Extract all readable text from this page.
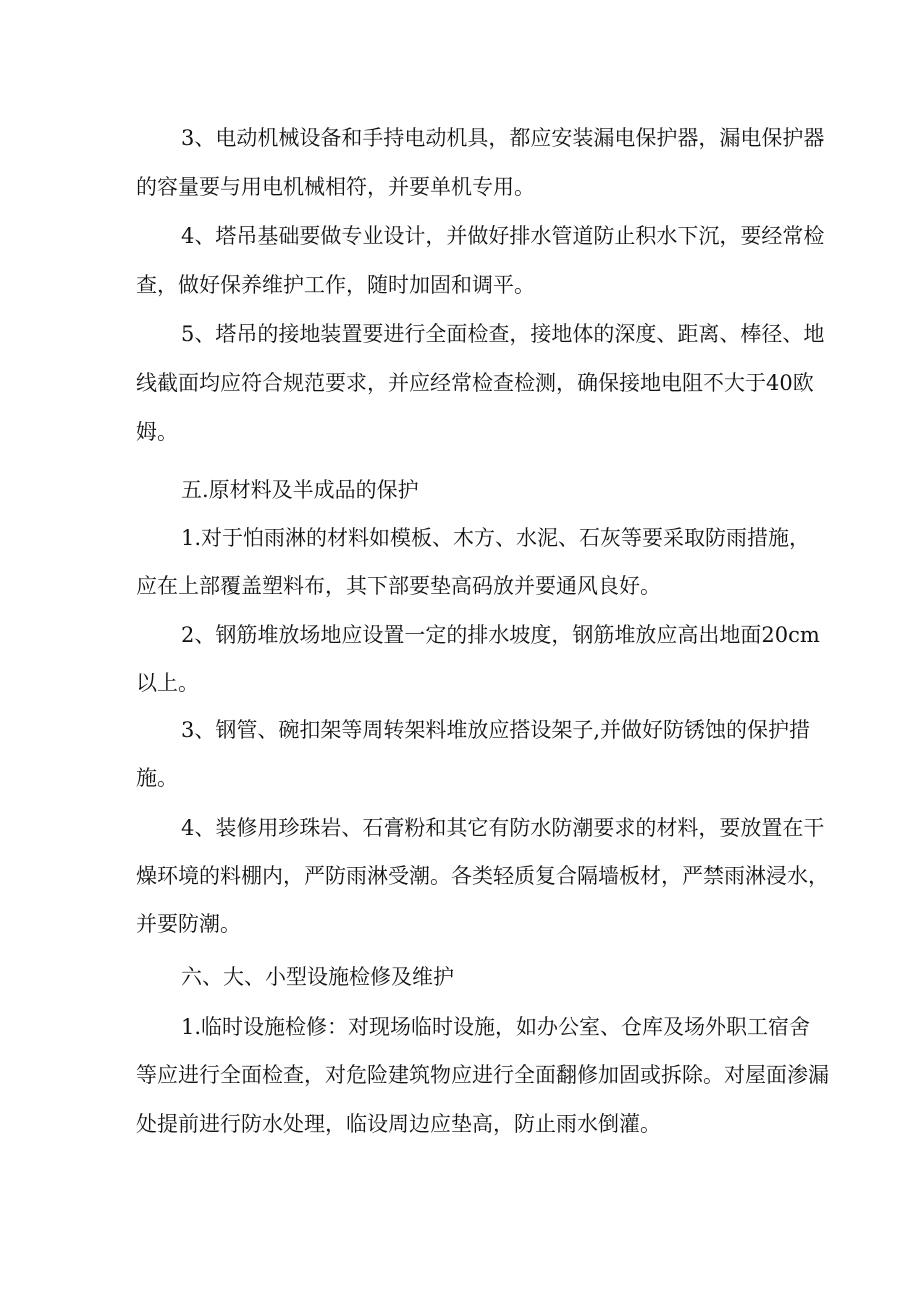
3、电动机械设备和手持电动机具，都应安装漏电保护器，漏电保护器
的容量要与用电机械相符，并要单机专用。
4、塔吊基础要做专业设计，并做好排水管道防止积水下沉，要经常检
查，做好保养维护工作，随时加固和调平。
5、塔吊的接地装置要进行全面检查，接地体的深度、距离、棒径、地
线截面均应符合规范要求，并应经常检查检测，确保接地电阻不大于40欧
姆。
五.原材料及半成品的保护
1.对于怕雨淋的材料如模板、木方、水泥、石灰等要采取防雨措施，
应在上部覆盖塑料布，其下部要垫高码放并要通风良好。
2、钢筋堆放场地应设置一定的排水坡度，钢筋堆放应高出地面20cm
以上。
3、钢管、碗扣架等周转架料堆放应搭设架子,并做好防锈蚀的保护措
施。
4、装修用珍珠岩、石膏粉和其它有防水防潮要求的材料，要放置在干
燥环境的料棚内，严防雨淋受潮。各类轻质复合隔墙板材，严禁雨淋浸水，
并要防潮。
六、大、小型设施检修及维护
1.临时设施检修：对现场临时设施，如办公室、仓库及场外职工宿舍
等应进行全面检查，对危险建筑物应进行全面翻修加固或拆除。对屋面渗漏
处提前进行防水处理，临设周边应垫高，防止雨水倒灌。
